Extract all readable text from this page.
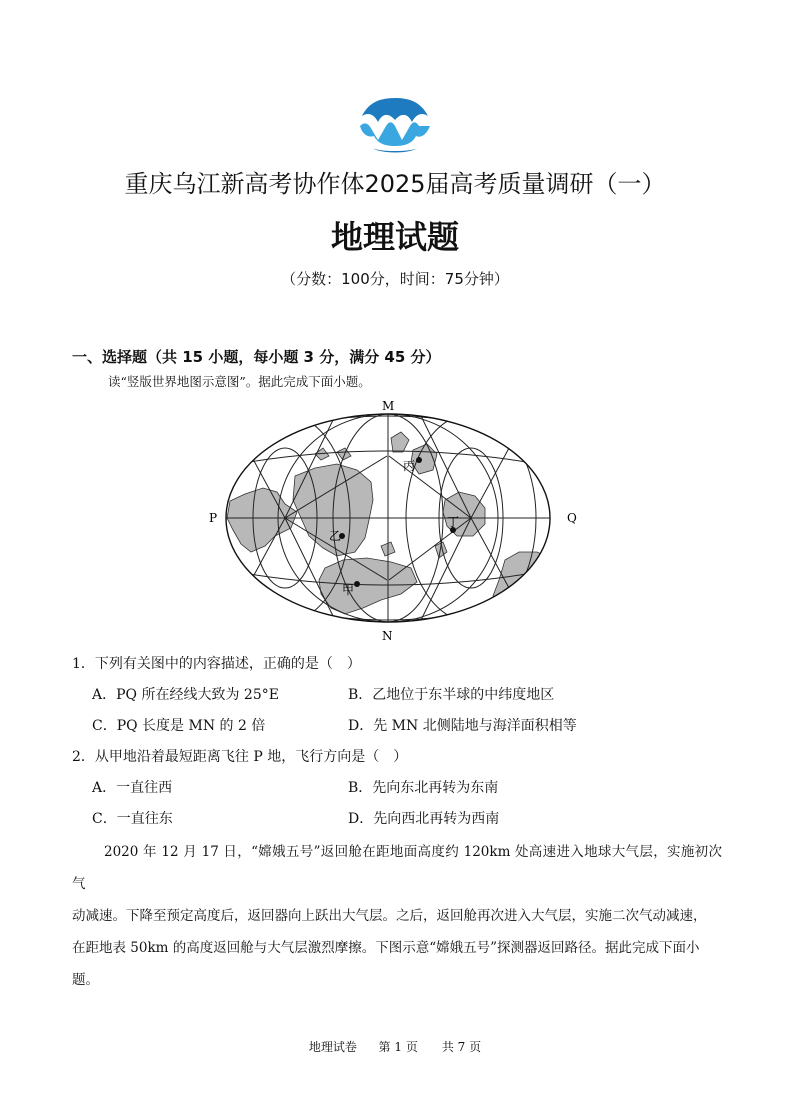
重庆乌江新高考协作体2025届高考质量调研（一）
地理试题
（分数：100分，时间：75分钟）
一、选择题（共 15 小题，每小题 3 分，满分 45 分）
读“竖版世界地图示意图”。据此完成下面小题。
M
N
P	Q
乙
甲
丙
丁
1．下列有关图中的内容描述，正确的是（　）
A．PQ 所在经线大致为 25°E	B．乙地位于东半球的中纬度地区
C．PQ 长度是 MN 的 2 倍	D．先 MN 北侧陆地与海洋面积相等
2．从甲地沿着最短距离飞往 P 地，飞行方向是（　）
A．一直往西	B．先向东北再转为东南
C．一直往东	D．先向西北再转为西南
2020 年 12 月 17 日，“嫦娥五号”返回舱在距地面高度约 120km 处高速进入地球大气层，实施初次气
动减速。下降至预定高度后，返回器向上跃出大气层。之后，返回舱再次进入大气层，实施二次气动减速，
在距地表 50km 的高度返回舱与大气层激烈摩擦。下图示意“嫦娥五号”探测器返回路径。据此完成下面小
题。
地理试卷 第 1 页　　共 7 页
